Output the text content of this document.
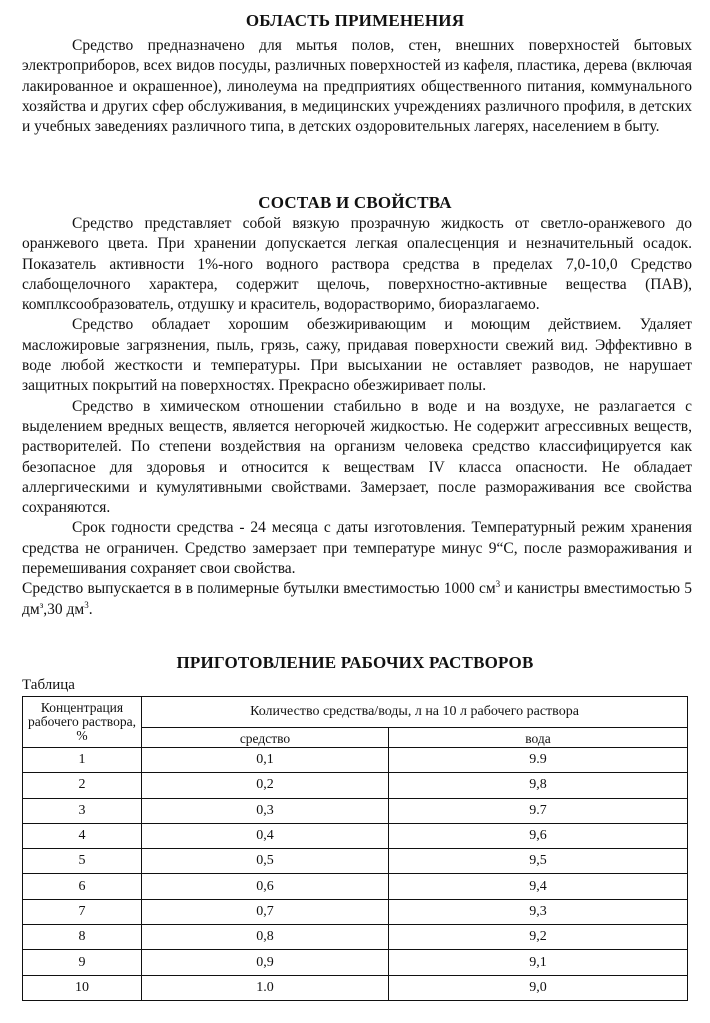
ОБЛАСТЬ ПРИМЕНЕНИЯ

Средство предназначено для мытья полов, стен, внешних поверхностей бытовых электроприборов, всех видов посуды, различных поверхностей из кафеля, пластика, дерева (включая лакированное и окрашенное), линолеума на предприятиях общественного питания, коммунального хозяйства и других сфер обслуживания, в медицинских учреждениях различного профиля, в детских и учебных заведениях различного типа, в детских оздоровительных лагерях, населением в быту.

СОСТАВ И СВОЙСТВА

Средство представляет собой вязкую прозрачную жидкость от светло-оранжевого до оранжевого цвета. При хранении допускается легкая опалесценция и незначительный осадок. Показатель активности 1%-ного водного раствора средства в пределах 7,0-10,0 Средство слабощелочного характера, содержит щелочь, поверхностно-активные вещества (ПАВ), комплксообразователь, отдушку и краситель, водорастворимо, биоразлагаемо.

Средство обладает хорошим обезжиривающим и моющим действием. Удаляет масложировые загрязнения, пыль, грязь, сажу, придавая поверхности свежий вид. Эффективно в воде любой жесткости и температуры. При высыхании не оставляет разводов, не нарушает защитных покрытий на поверхностях. Прекрасно обезжиривает полы.

Средство в химическом отношении стабильно в воде и на воздухе, не разлагается с выделением вредных веществ, является негорючей жидкостью. Не содержит агрессивных веществ, растворителей. По степени воздействия на организм человека средство классифицируется как безопасное для здоровья и относится к веществам IV класса опасности. Не обладает аллергическими и кумулятивными свойствами. Замерзает, после размораживания все свойства сохраняются.

Срок годности средства - 24 месяца с даты изготовления. Температурный режим хранения средства не ограничен. Средство замерзает при температуре минус 9“С, после размораживания и перемешивания сохраняет свои свойства.

Средство выпускается в в полимерные бутылки вместимостью 1000 $см^3$ и канистры вместимостью 5 $дм^з,30$ $дм^3$.

ПРИГОТОВЛЕНИЕ РАБОЧИХ РАСТВОРОВ
Таблица
Концентрация рабочего раствора, %	Количество средства/воды, л на 10 л рабочего раствора	
	средство	вода
1	0,1	9.9
2	0,2	9,8
3	0,3	9.7
4	0,4	9,6
5	0,5	9,5
6	0,6	9,4
7	0,7	9,3
8	0,8	9,2
9	0,9	9,1
10	1.0	9,0
